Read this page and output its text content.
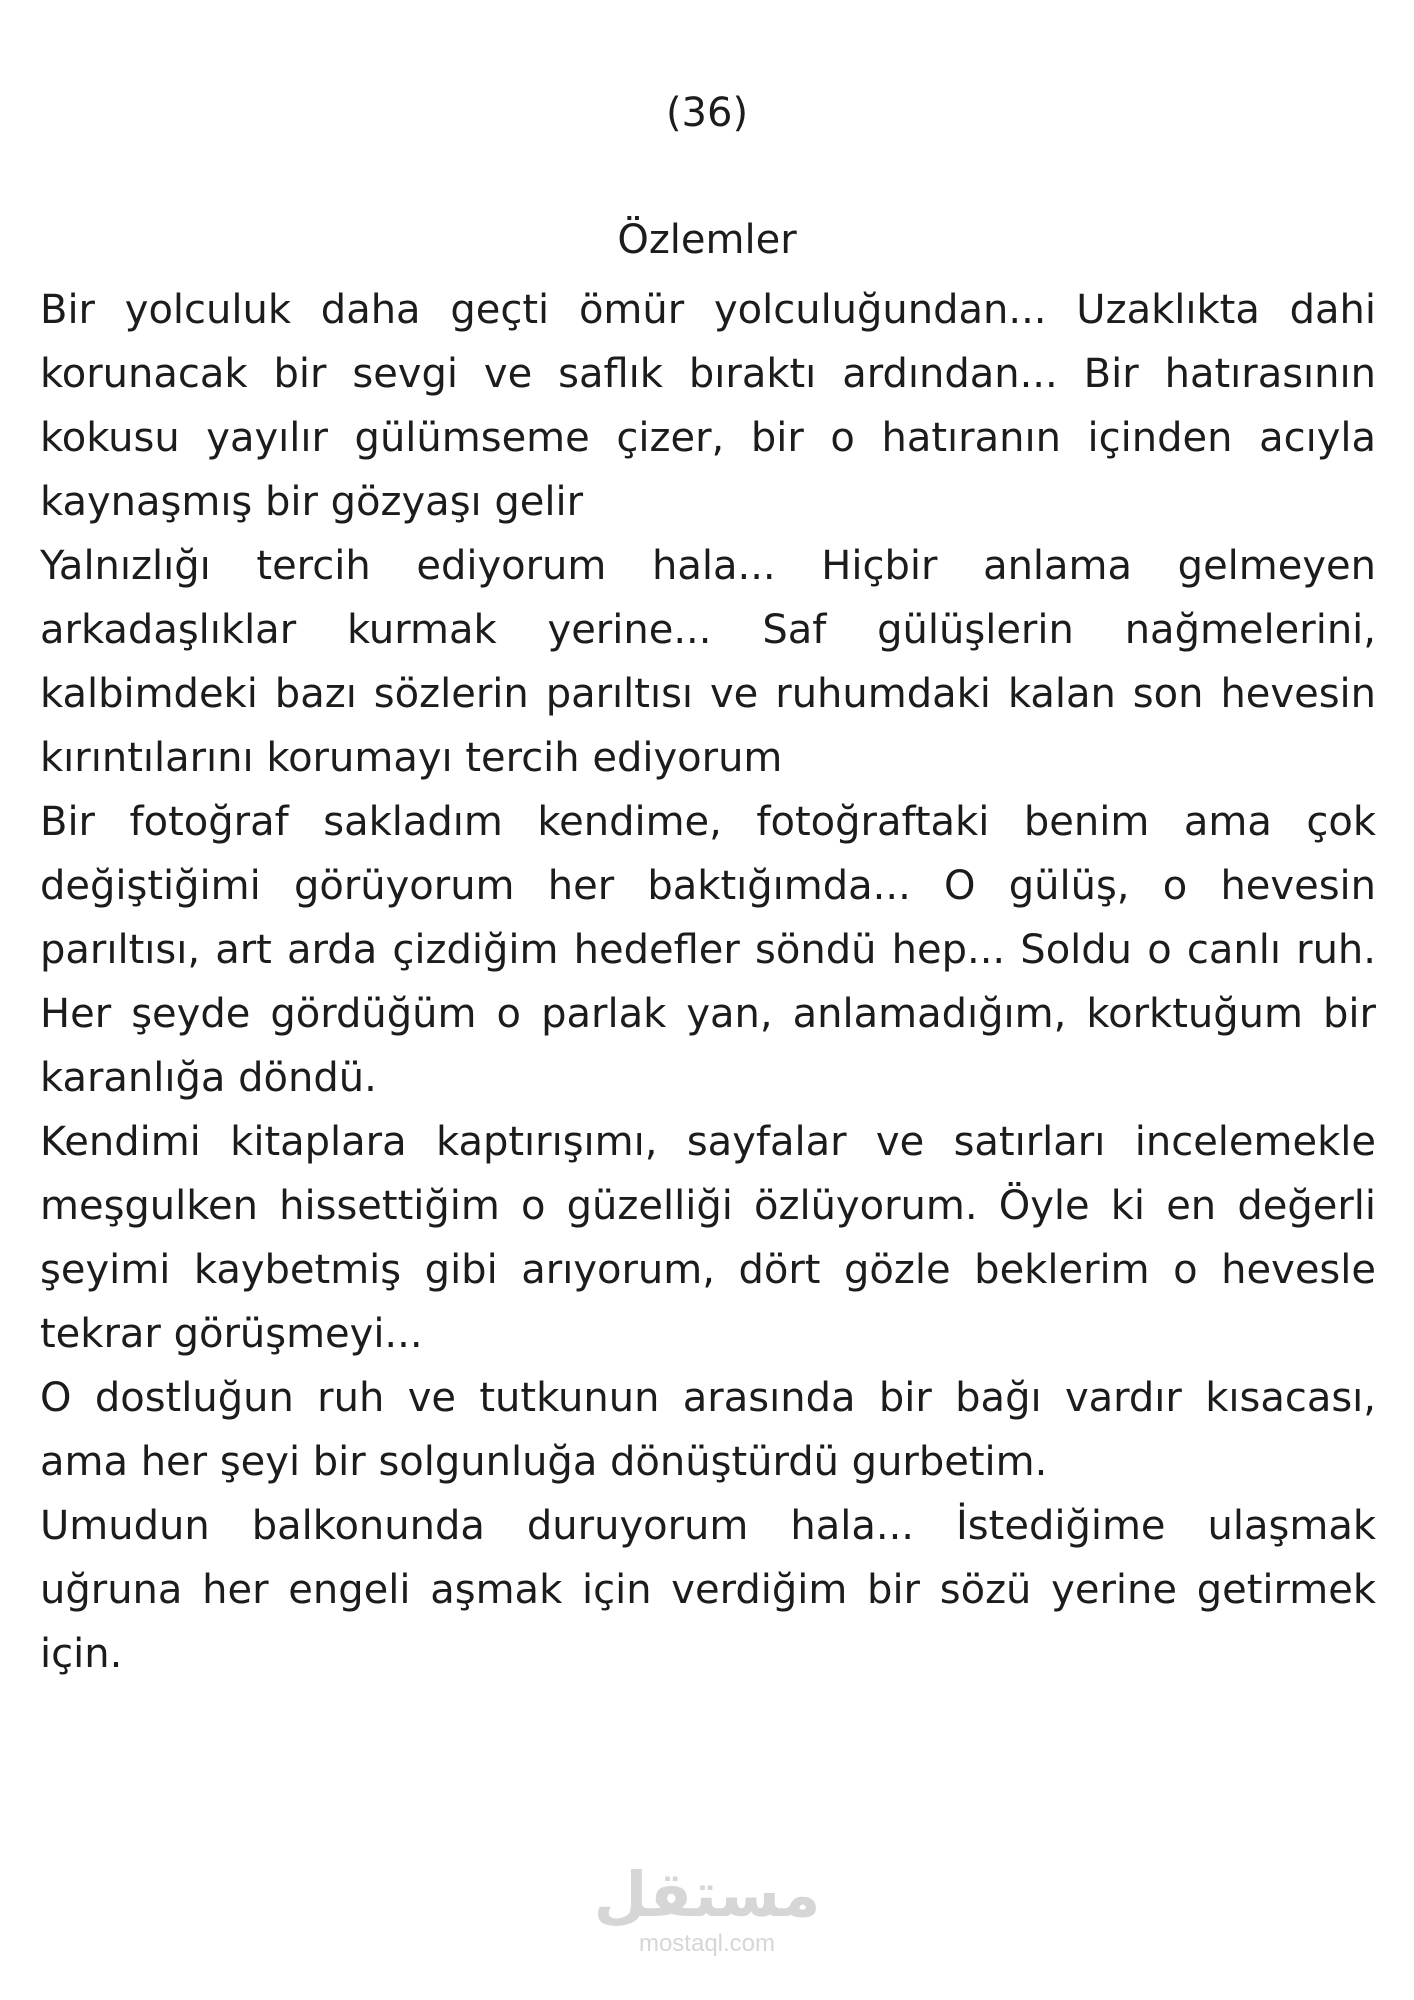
(36)
Özlemler

Bir yolculuk daha geçti ömür yolculuğundan... Uzaklıkta dahi korunacak bir sevgi ve saflık bıraktı ardından... Bir hatırasının kokusu yayılır gülümseme çizer, bir o hatıranın içinden acıyla kaynaşmış bir gözyaşı gelir

Yalnızlığı tercih ediyorum hala... Hiçbir anlama gelmeyen arkadaşlıklar kurmak yerine... Saf gülüşlerin nağmelerini, kalbimdeki bazı sözlerin parıltısı ve ruhumdaki kalan son hevesin kırıntılarını korumayı tercih ediyorum

Bir fotoğraf sakladım kendime, fotoğraftaki benim ama çok değiştiğimi görüyorum her baktığımda... O gülüş, o hevesin parıltısı, art arda çizdiğim hedefler söndü hep... Soldu o canlı ruh. Her şeyde gördüğüm o parlak yan, anlamadığım, korktuğum bir karanlığa döndü.

Kendimi kitaplara kaptırışımı, sayfalar ve satırları incelemekle meşgulken hissettiğim o güzelliği özlüyorum. Öyle ki en değerli şeyimi kaybetmiş gibi arıyorum, dört gözle beklerim o hevesle tekrar görüşmeyi...

O dostluğun ruh ve tutkunun arasında bir bağı vardır kısacası, ama her şeyi bir solgunluğa dönüştürdü gurbetim.

Umudun balkonunda duruyorum hala... İstediğime ulaşmak uğruna her engeli aşmak için verdiğim bir sözü yerine getirmek için.

مستقل
mostaql.com
